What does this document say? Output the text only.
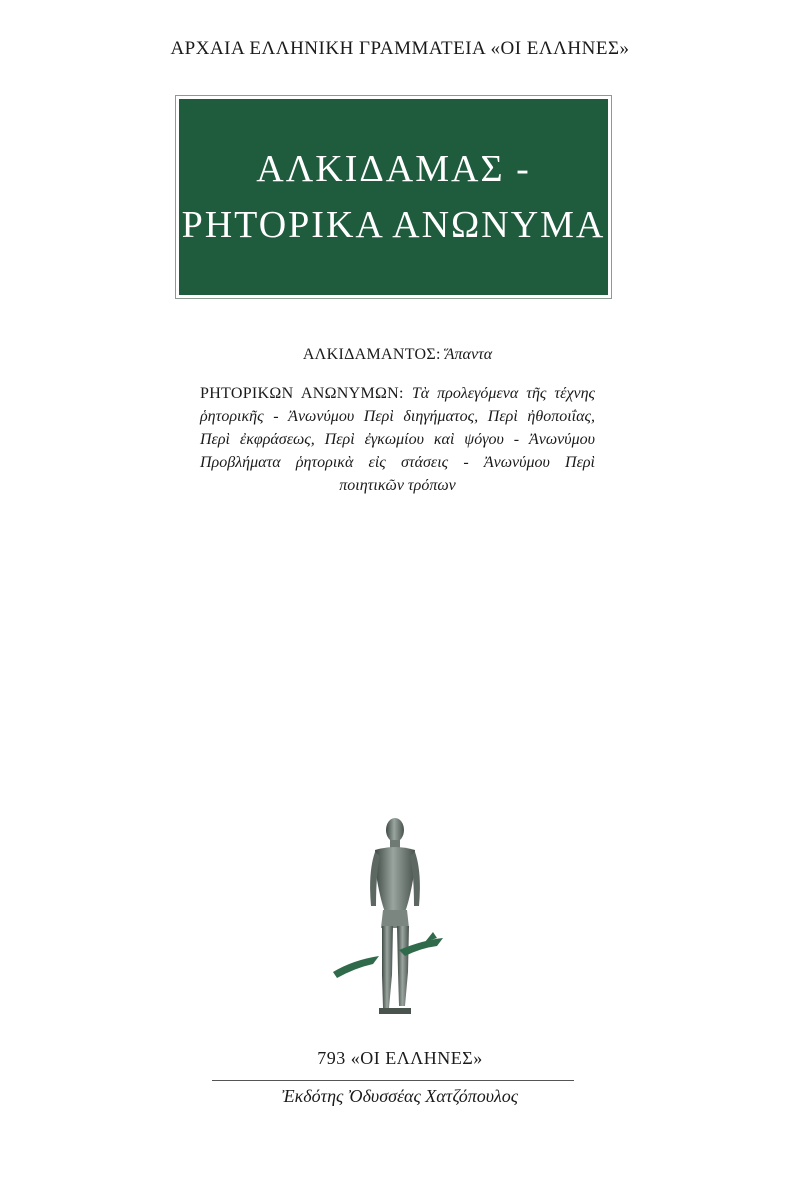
ΑΡΧΑΙΑ ΕΛΛΗΝΙΚΗ ΓΡΑΜΜΑΤΕΙΑ «ΟΙ ΕΛΛΗΝΕΣ»
ΑΛΚΙΔΑΜΑΣ -
ΡΗΤΟΡΙΚΑ ΑΝΩΝΥΜΑ
ΑΛΚΙΔΑΜΑΝΤΟΣ: Ἅπαντα
ΡΗΤΟΡΙΚΩΝ ΑΝΩΝΥΜΩΝ: Τὰ προλεγόμενα τῆς τέχνης ῥητορικῆς - Ἀνωνύμου Περὶ διηγήματος, Περὶ ἠθοποιΐας, Περὶ ἐκφράσεως, Περὶ ἐγκωμίου καὶ ψόγου - Ἀνωνύμου Προβλήματα ῥητορικὰ εἰς στάσεις - Ἀνωνύμου Περὶ ποιητικῶν τρόπων
793 «ΟΙ ΕΛΛΗΝΕΣ»
Ἐκδότης Ὀδυσσέας Χατζόπουλος
